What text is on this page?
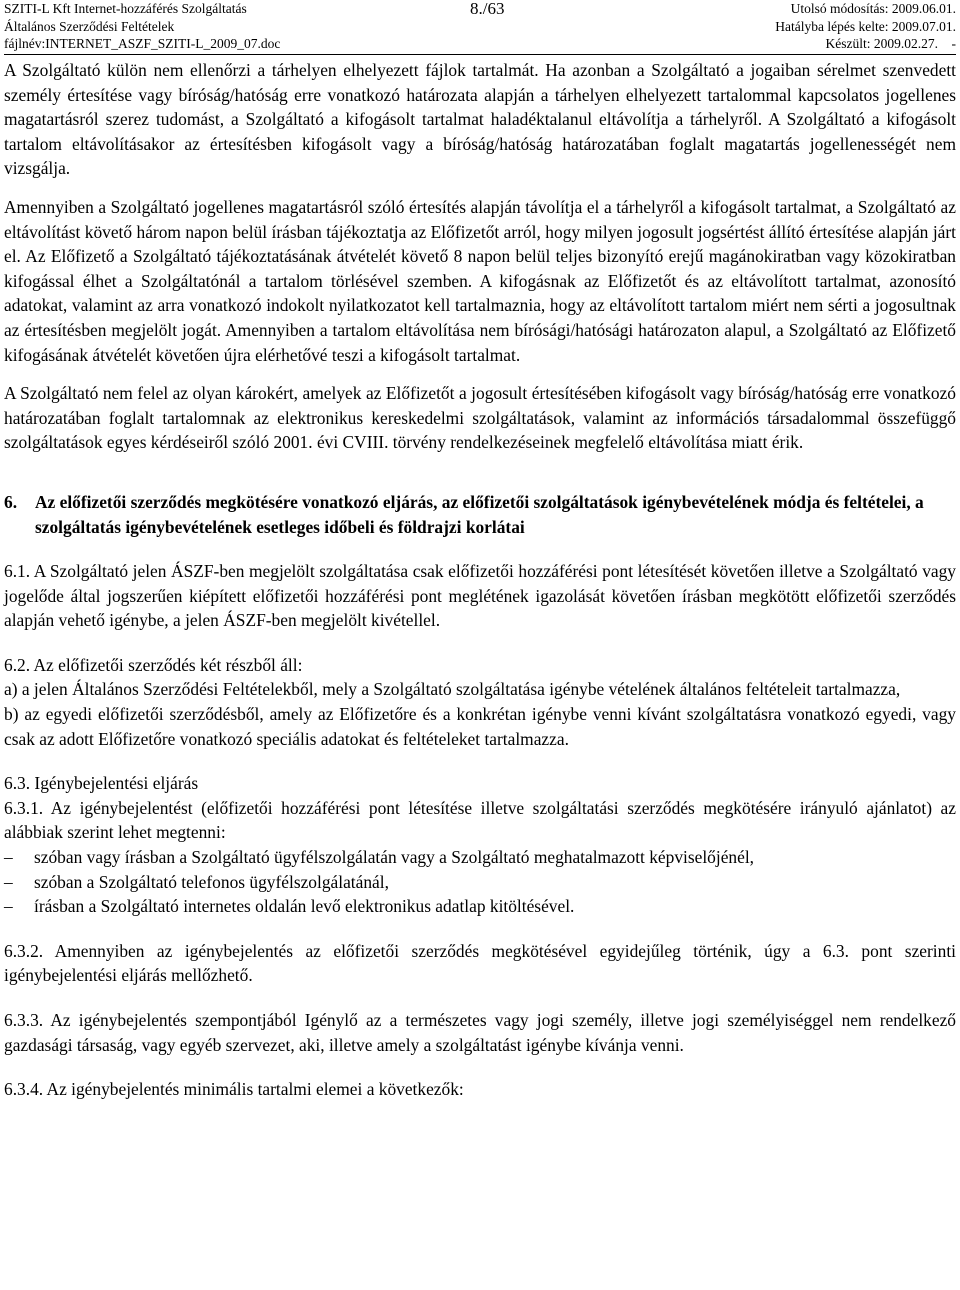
SZITI-L Kft Internet-hozzáférés Szolgáltatás	8./63	Utolsó módosítás: 2009.06.01.
Általános Szerződési Feltételek	Hatályba lépés kelte: 2009.07.01.
fájlnév:INTERNET_ASZF_SZITI-L_2009_07.doc	Készült: 2009.02.27. -

A Szolgáltató külön nem ellenőrzi a tárhelyen elhelyezett fájlok tartalmát. Ha azonban a Szolgáltató a jogaiban sérelmet szenvedett személy értesítése vagy bíróság/hatóság erre vonatkozó határozata alapján a tárhelyen elhelyezett tartalommal kapcsolatos jogellenes magatartásról szerez tudomást, a Szolgáltató a kifogásolt tartalmat haladéktalanul eltávolítja a tárhelyről. A Szolgáltató a kifogásolt tartalom eltávolításakor az értesítésben kifogásolt vagy a bíróság/hatóság határozatában foglalt magatartás jogellenességét nem vizsgálja.

Amennyiben a Szolgáltató jogellenes magatartásról szóló értesítés alapján távolítja el a tárhelyről a kifogásolt tartalmat, a Szolgáltató az eltávolítást követő három napon belül írásban tájékoztatja az Előfizetőt arról, hogy milyen jogosult jogsértést állító értesítése alapján járt el. Az Előfizető a Szolgáltató tájékoztatásának átvételét követő 8 napon belül teljes bizonyító erejű magánokiratban vagy közokiratban kifogással élhet a Szolgáltatónál a tartalom törlésével szemben. A kifogásnak az Előfizetőt és az eltávolított tartalmat, azonosító adatokat, valamint az arra vonatkozó indokolt nyilatkozatot kell tartalmaznia, hogy az eltávolított tartalom miért nem sérti a jogosultnak az értesítésben megjelölt jogát. Amennyiben a tartalom eltávolítása nem bírósági/hatósági határozaton alapul, a Szolgáltató az Előfizető kifogásának átvételét követően újra elérhetővé teszi a kifogásolt tartalmat.

A Szolgáltató nem felel az olyan károkért, amelyek az Előfizetőt a jogosult értesítésében kifogásolt vagy bíróság/hatóság erre vonatkozó határozatában foglalt tartalomnak az elektronikus kereskedelmi szolgáltatások, valamint az információs társadalommal összefüggő szolgáltatások egyes kérdéseiről szóló 2001. évi CVIII. törvény rendelkezéseinek megfelelő eltávolítása miatt érik.

6.	Az előfizetői szerződés megkötésére vonatkozó eljárás, az előfizetői szolgáltatások igénybevételének módja és feltételei, a szolgáltatás igénybevételének esetleges időbeli és földrajzi korlátai

6.1. A Szolgáltató jelen ÁSZF-ben megjelölt szolgáltatása csak előfizetői hozzáférési pont létesítését követően illetve a Szolgáltató vagy jogelőde által jogszerűen kiépített előfizetői hozzáférési pont meglétének igazolását követően írásban megkötött előfizetői szerződés alapján vehető igénybe, a jelen ÁSZF-ben megjelölt kivétellel.

6.2. Az előfizetői szerződés két részből áll:

a) a jelen Általános Szerződési Feltételekből, mely a Szolgáltató szolgáltatása igénybe vételének általános feltételeit tartalmazza,

b) az egyedi előfizetői szerződésből, amely az Előfizetőre és a konkrétan igénybe venni kívánt szolgáltatásra vonatkozó egyedi, vagy csak az adott Előfizetőre vonatkozó speciális adatokat és feltételeket tartalmazza.

6.3. Igénybejelentési eljárás

6.3.1. Az igénybejelentést (előfizetői hozzáférési pont létesítése illetve szolgáltatási szerződés megkötésére irányuló ajánlatot) az alábbiak szerint lehet megtenni:

–	szóban vagy írásban a Szolgáltató ügyfélszolgálatán vagy a Szolgáltató meghatalmazott képviselőjénél,
–	szóban a Szolgáltató telefonos ügyfélszolgálatánál,
–	írásban a Szolgáltató internetes oldalán levő elektronikus adatlap kitöltésével.

6.3.2. Amennyiben az igénybejelentés az előfizetői szerződés megkötésével egyidejűleg történik, úgy a 6.3. pont szerinti igénybejelentési eljárás mellőzhető.

6.3.3. Az igénybejelentés szempontjából Igénylő az a természetes vagy jogi személy, illetve jogi személyiséggel nem rendelkező gazdasági társaság, vagy egyéb szervezet, aki, illetve amely a szolgáltatást igénybe kívánja venni.

6.3.4. Az igénybejelentés minimális tartalmi elemei a következők:
